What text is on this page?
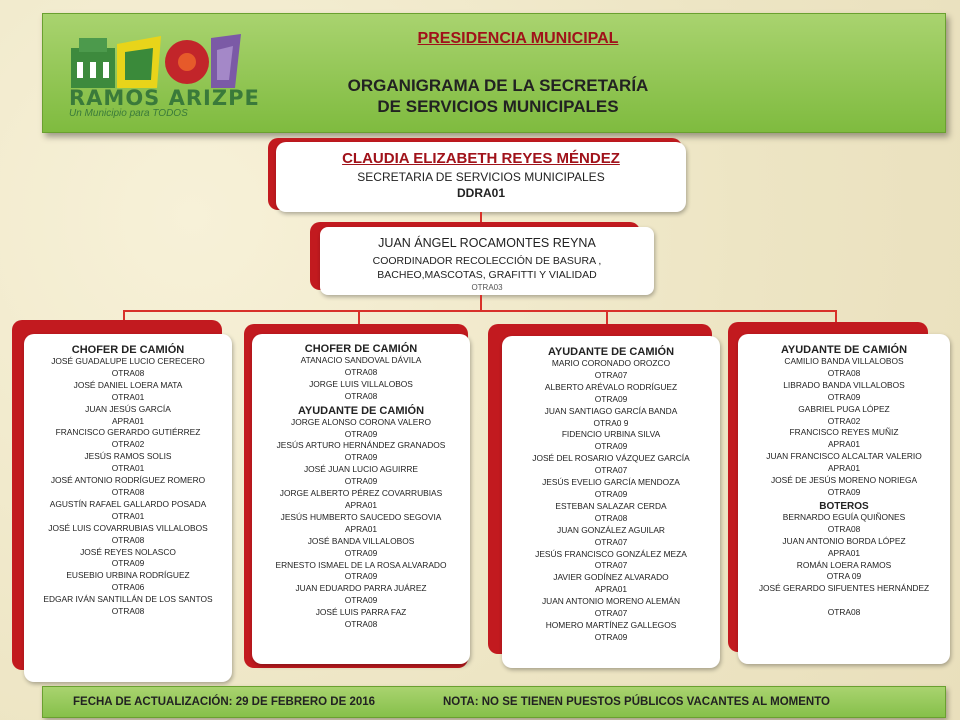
RAMOS ARIZPE
Un Municipio para TODOS
PRESIDENCIA MUNICIPAL
ORGANIGRAMA DE LA SECRETARÍA
DE SERVICIOS MUNICIPALES
CLAUDIA ELIZABETH REYES MÉNDEZ
SECRETARIA DE SERVICIOS MUNICIPALES
DDRA01
JUAN ÁNGEL ROCAMONTES REYNA
COORDINADOR RECOLECCIÓN DE BASURA ,
BACHEO,MASCOTAS, GRAFITTI Y VIALIDAD
OTRA03
CHOFER DE CAMIÓN
JOSÉ GUADALUPE LUCIO CERECERO
OTRA08
JOSÉ DANIEL LOERA MATA
OTRA01
JUAN JESÚS GARCÍA
APRA01
FRANCISCO GERARDO GUTIÉRREZ
OTRA02
JESÚS RAMOS SOLIS
OTRA01
JOSÉ ANTONIO RODRÍGUEZ ROMERO
OTRA08
AGUSTÍN RAFAEL GALLARDO POSADA
OTRA01
JOSÉ LUIS COVARRUBIAS VILLALOBOS
OTRA08
JOSÉ REYES NOLASCO
OTRA09
EUSEBIO URBINA RODRÍGUEZ
OTRA06
EDGAR IVÁN SANTILLÁN DE LOS SANTOS
OTRA08
CHOFER DE CAMIÓN
ATANACIO SANDOVAL DÁVILA
OTRA08
JORGE LUIS VILLALOBOS
OTRA08
AYUDANTE DE CAMIÓN
JORGE ALONSO CORONA VALERO
OTRA09
JESÚS ARTURO HERNÁNDEZ GRANADOS
OTRA09
JOSÉ JUAN LUCIO AGUIRRE
OTRA09
JORGE ALBERTO PÉREZ COVARRUBIAS
APRA01
JESÚS HUMBERTO SAUCEDO SEGOVIA
APRA01
JOSÉ BANDA VILLALOBOS
OTRA09
ERNESTO ISMAEL DE LA ROSA ALVARADO
OTRA09
JUAN EDUARDO PARRA JUÁREZ
OTRA09
JOSÉ LUIS PARRA FAZ
OTRA08
AYUDANTE DE CAMIÓN
MARIO CORONADO OROZCO
OTRA07
ALBERTO ARÉVALO RODRÍGUEZ
OTRA09
JUAN SANTIAGO GARCÍA BANDA
OTRA0 9
FIDENCIO URBINA SILVA
OTRA09
JOSÉ DEL ROSARIO VÁZQUEZ GARCÍA
OTRA07
JESÚS EVELIO GARCÍA MENDOZA
OTRA09
ESTEBAN SALAZAR CERDA
OTRA08
JUAN GONZÁLEZ AGUILAR
OTRA07
JESÚS FRANCISCO GONZÁLEZ MEZA
OTRA07
JAVIER GODÍNEZ ALVARADO
APRA01
JUAN ANTONIO MORENO ALEMÁN
OTRA07
HOMERO MARTÍNEZ GALLEGOS
OTRA09
AYUDANTE DE CAMIÓN
CAMILIO BANDA VILLALOBOS
OTRA08
LIBRADO BANDA VILLALOBOS
OTRA09
GABRIEL PUGA LÓPEZ
OTRA02
FRANCISCO REYES MUÑIZ
APRA01
JUAN FRANCISCO ALCALTAR VALERIO
APRA01
JOSÉ DE JESÚS MORENO NORIEGA
OTRA09
BOTEROS
BERNARDO EGUÍA QUIÑONES
OTRA08
JUAN ANTONIO BORDA LÓPEZ
APRA01
ROMÁN LOERA RAMOS
OTRA 09
JOSÉ GERARDO SIFUENTES HERNÁNDEZ

OTRA08
FECHA DE ACTUALIZACIÓN: 29 DE FEBRERO DE 2016	NOTA: NO SE TIENEN PUESTOS PÚBLICOS VACANTES AL MOMENTO
